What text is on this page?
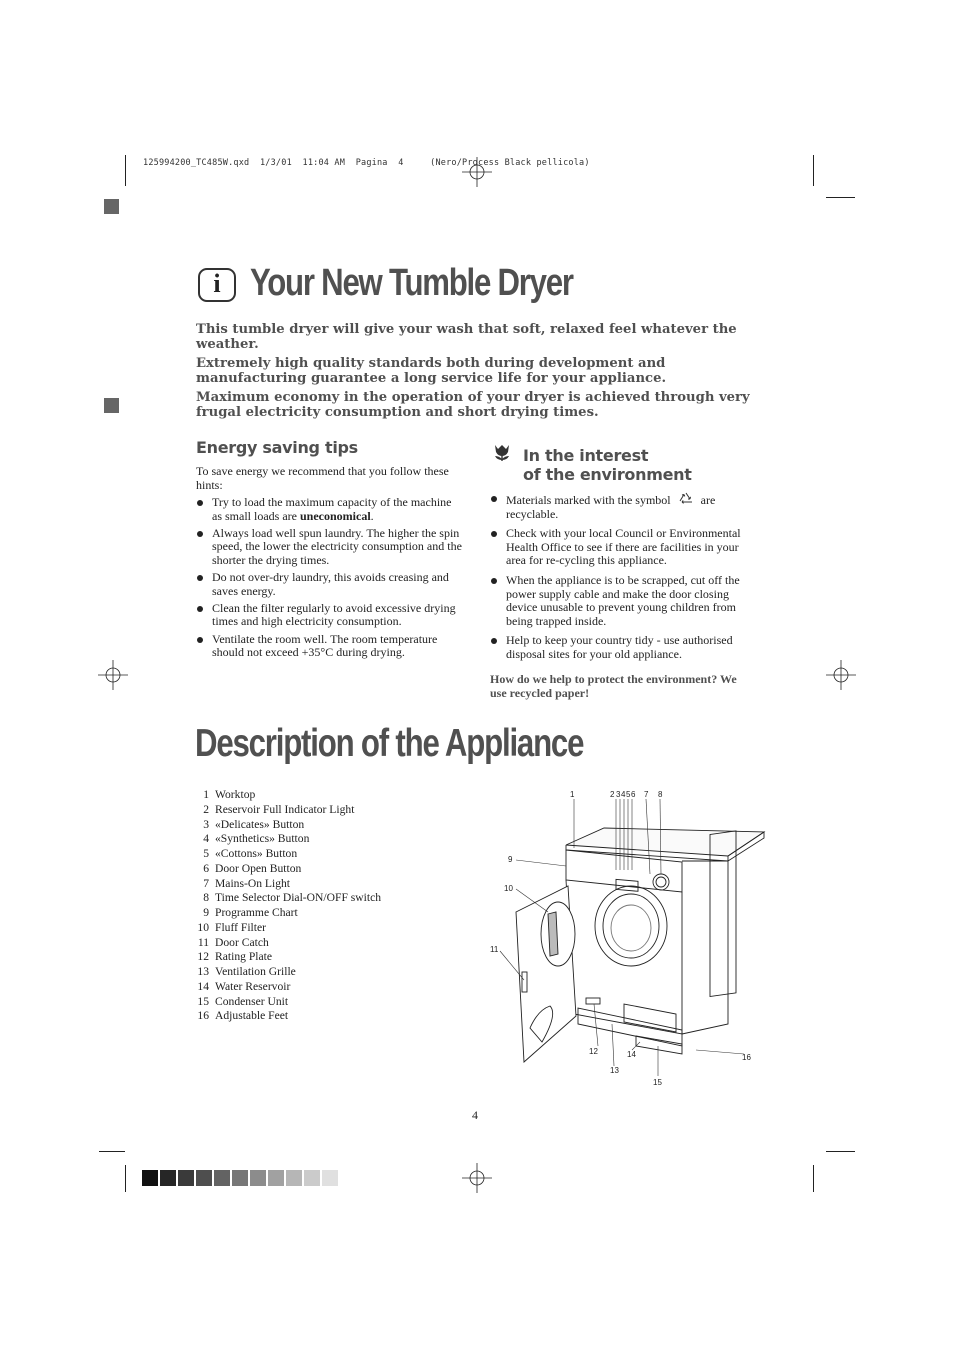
125994200_TC485W.qxd  1/3/01  11:04 AM  Pagina  4     (Nero/Process Black pellicola)
i Your New Tumble Dryer

This tumble dryer will give your wash that soft, relaxed feel whatever the weather.

Extremely high quality standards both during development and manufacturing guarantee a long service life for your appliance.

Maximum economy in the operation of your dryer is achieved through very frugal electricity consumption and short drying times.

Energy saving tips
To save energy we recommend that you follow these hints:
Try to load the maximum capacity of the machine as small loads are uneconomical.
Always load well spun laundry. The higher the spin speed, the lower the electricity consumption and the shorter the drying times.
Do not over-dry laundry, this avoids creasing and saves energy.
Clean the filter regularly to avoid excessive drying times and high electricity consumption.
Ventilate the room well. The room temperature should not exceed +35°C during drying.
In the interest
of the environment
Materials marked with the symbol	are recyclable.
Check with your local Council or Environmental Health Office to see if there are facilities in your area for re-cycling this appliance.
When the appliance is to be scrapped, cut off the power supply cable and make the door closing device unusable to prevent young children from being trapped inside.
Help to keep your country tidy - use authorised disposal sites for your old appliance.
How do we help to protect the environment? We use recycled paper!
Description of the Appliance
1 Worktop
2 Reservoir Full Indicator Light
3 «Delicates» Button
4 «Synthetics» Button
5 «Cottons» Button
6 Door Open Button
7 Mains-On Light
8 Time Selector Dial-ON/OFF switch
9 Programme Chart
10 Fluff Filter
11 Door Catch
12 Rating Plate
13 Ventilation Grille
14 Water Reservoir
15 Condenser Unit
16 Adjustable Feet
1	2 3 4 5 6 7 8
9
10
11
12
13
14
15
16
4
